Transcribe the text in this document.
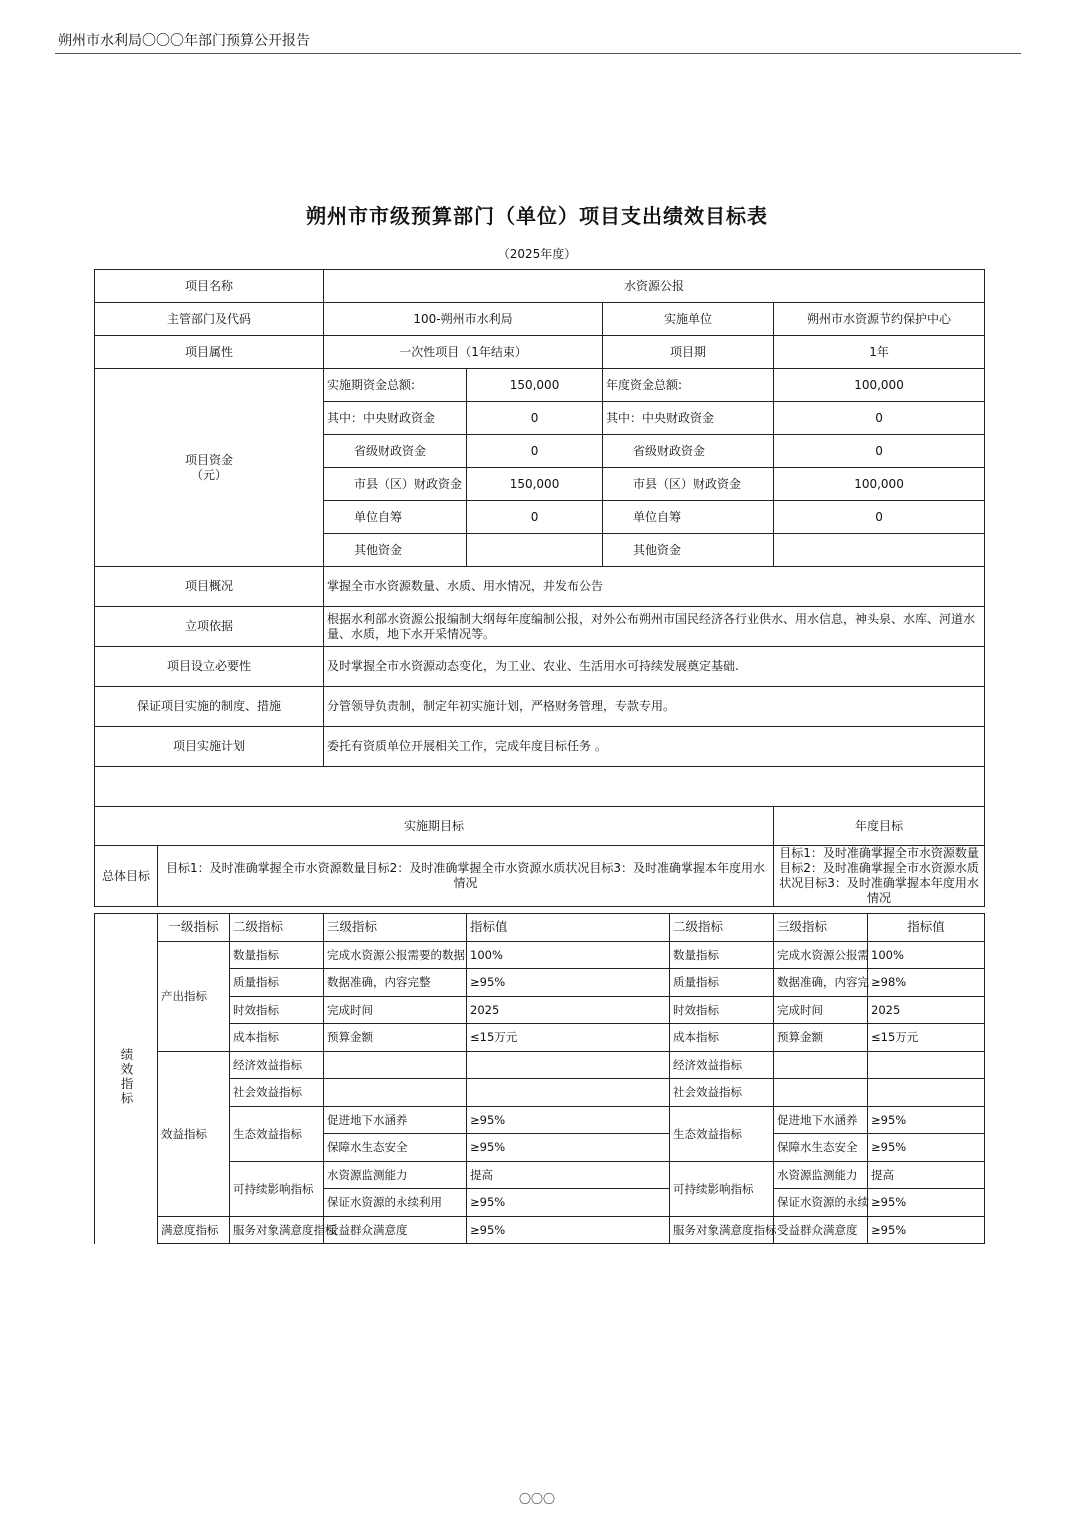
朔州市水利局〇〇〇年部门预算公开报告
朔州市市级预算部门（单位）项目支出绩效目标表
（2025年度）
项目名称		水资源公报			
主管部门及代码		100-朔州市水利局		实施单位	朔州市水资源节约保护中心
项目属性		一次性项目（1年结束）		项目期	1年

项目资金
（元）		实施期资金总额:	150,000	年度资金总额:	100,000
		其中：中央财政资金	0	其中：中央财政资金	0
		省级财政资金	0	省级财政资金	0
		市县（区）财政资金	150,000	市县（区）财政资金	100,000
		单位自筹	0	单位自筹	0
		其他资金		其他资金	
项目概况		掌握全市水资源数量、水质、用水情况，并发布公告			
立项依据		根据水利部水资源公报编制大纲每年度编制公报，对外公布朔州市国民经济各行业供水、用水信息，神头泉、水库、河道水量、水质，地下水开采情况等。			
项目设立必要性		及时掌握全市水资源动态变化，为工业、农业、生活用水可持续发展奠定基础.			
保证项目实施的制度、措施		分管领导负责制，制定年初实施计划，严格财务管理，专款专用。			
项目实施计划		委托有资质单位开展相关工作，完成年度目标任务 。			

实施期目标					年度目标
总体目标	目标1：及时准确掌握全市水资源数量目标2：及时准确掌握全市水资源水质状况目标3：及时准确掌握本年度用水情况				目标1：及时准确掌握全市水资源数量目标2：及时准确掌握全市水资源水质状况目标3：及时准确掌握本年度用水情况
绩效指标	一级指标	二级指标	三级指标	指标值	二级指标	三级指标	指标值
	产出指标	数量指标	完成水资源公报需要的数据	100%	数量指标	完成水资源公报需	100%
		质量指标	数据准确，内容完整	≥95%	质量指标	数据准确，内容完	≥98%
		时效指标	完成时间	2025	时效指标	完成时间	2025
		成本指标	预算金额	≤15万元	成本指标	预算金额	≤15万元
	效益指标	经济效益指标			经济效益指标		
		社会效益指标			社会效益指标		
		生态效益指标	促进地下水涵养	≥95%	生态效益指标	促进地下水涵养	≥95%
			保障水生态安全	≥95%		保障水生态安全	≥95%
		可持续影响指标	水资源监测能力	提高	可持续影响指标	水资源监测能力	提高
			保证水资源的永续利用	≥95%		保证水资源的永续	≥95%
	满意度指标	服务对象满意度指标	受益群众满意度	≥95%	服务对象满意度指标	受益群众满意度	≥95%
〇〇〇
